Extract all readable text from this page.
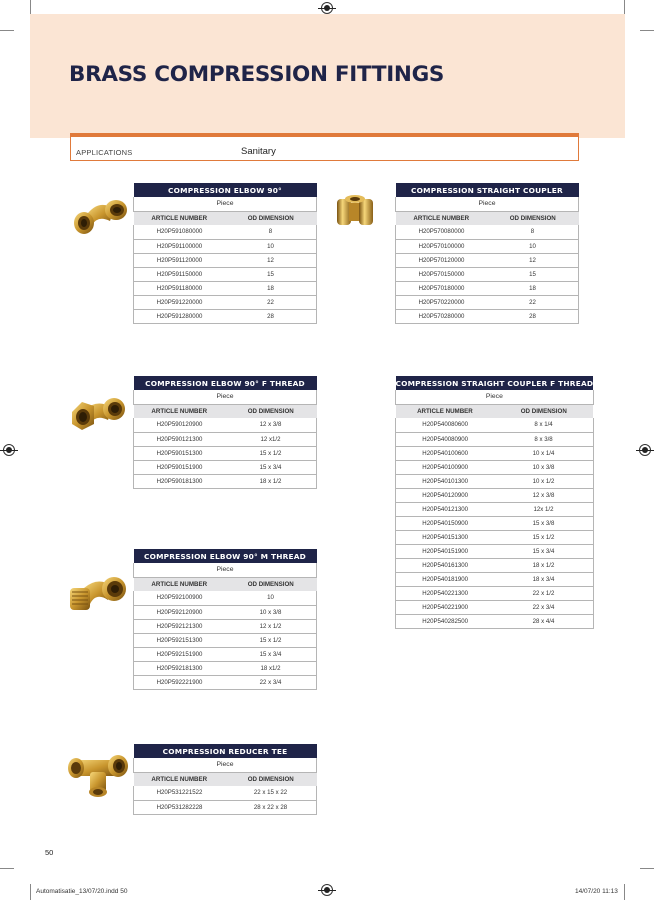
BRASS COMPRESSION FITTINGS
APPLICATIONS	Sanitary
COMPRESSION ELBOW 90°	
Piece	
ARTICLE NUMBER	OD DIMENSION
H20P591080000	8
H20P591100000	10
H20P591120000	12
H20P591150000	15
H20P591180000	18
H20P591220000	22
H20P591280000	28
COMPRESSION STRAIGHT COUPLER	
Piece	
ARTICLE NUMBER	OD DIMENSION
H20P570080000	8
H20P570100000	10
H20P570120000	12
H20P570150000	15
H20P570180000	18
H20P570220000	22
H20P570280000	28
COMPRESSION ELBOW 90° F THREAD	
Piece	
ARTICLE NUMBER	OD DIMENSION
H20P590120900	12 x 3/8
H20P590121300	12 x1/2
H20P590151300	15 x 1/2
H20P590151900	15 x 3/4
H20P590181300	18 x 1/2
COMPRESSION STRAIGHT COUPLER F THREAD	
Piece	
ARTICLE NUMBER	OD DIMENSION
H20P540080600	8 x 1/4
H20P540080900	8 x 3/8
H20P540100600	10 x 1/4
H20P540100900	10 x 3/8
H20P540101300	10 x 1/2
H20P540120900	12 x 3/8
H20P540121300	12x 1/2
H20P540150900	15 x 3/8
H20P540151300	15 x 1/2
H20P540151900	15 x 3/4
H20P540161300	18 x 1/2
H20P540181900	18 x 3/4
H20P540221300	22 x 1/2
H20P540221900	22 x 3/4
H20P540282500	28 x 4/4
COMPRESSION ELBOW 90° M THREAD	
Piece	
ARTICLE NUMBER	OD DIMENSION
H20P592100900	10
H20P592120900	10 x 3/8
H20P592121300	12 x 1/2
H20P592151300	15 x 1/2
H20P592151900	15 x 3/4
H20P592181300	18 x1/2
H20P592221900	22 x 3/4
COMPRESSION REDUCER TEE	
Piece	
ARTICLE NUMBER	OD DIMENSION
H20P531221522	22 x 15 x 22
H20P531282228	28 x 22 x 28
50
Automatisatie_13/07/20.indd 50	14/07/20 11:13
